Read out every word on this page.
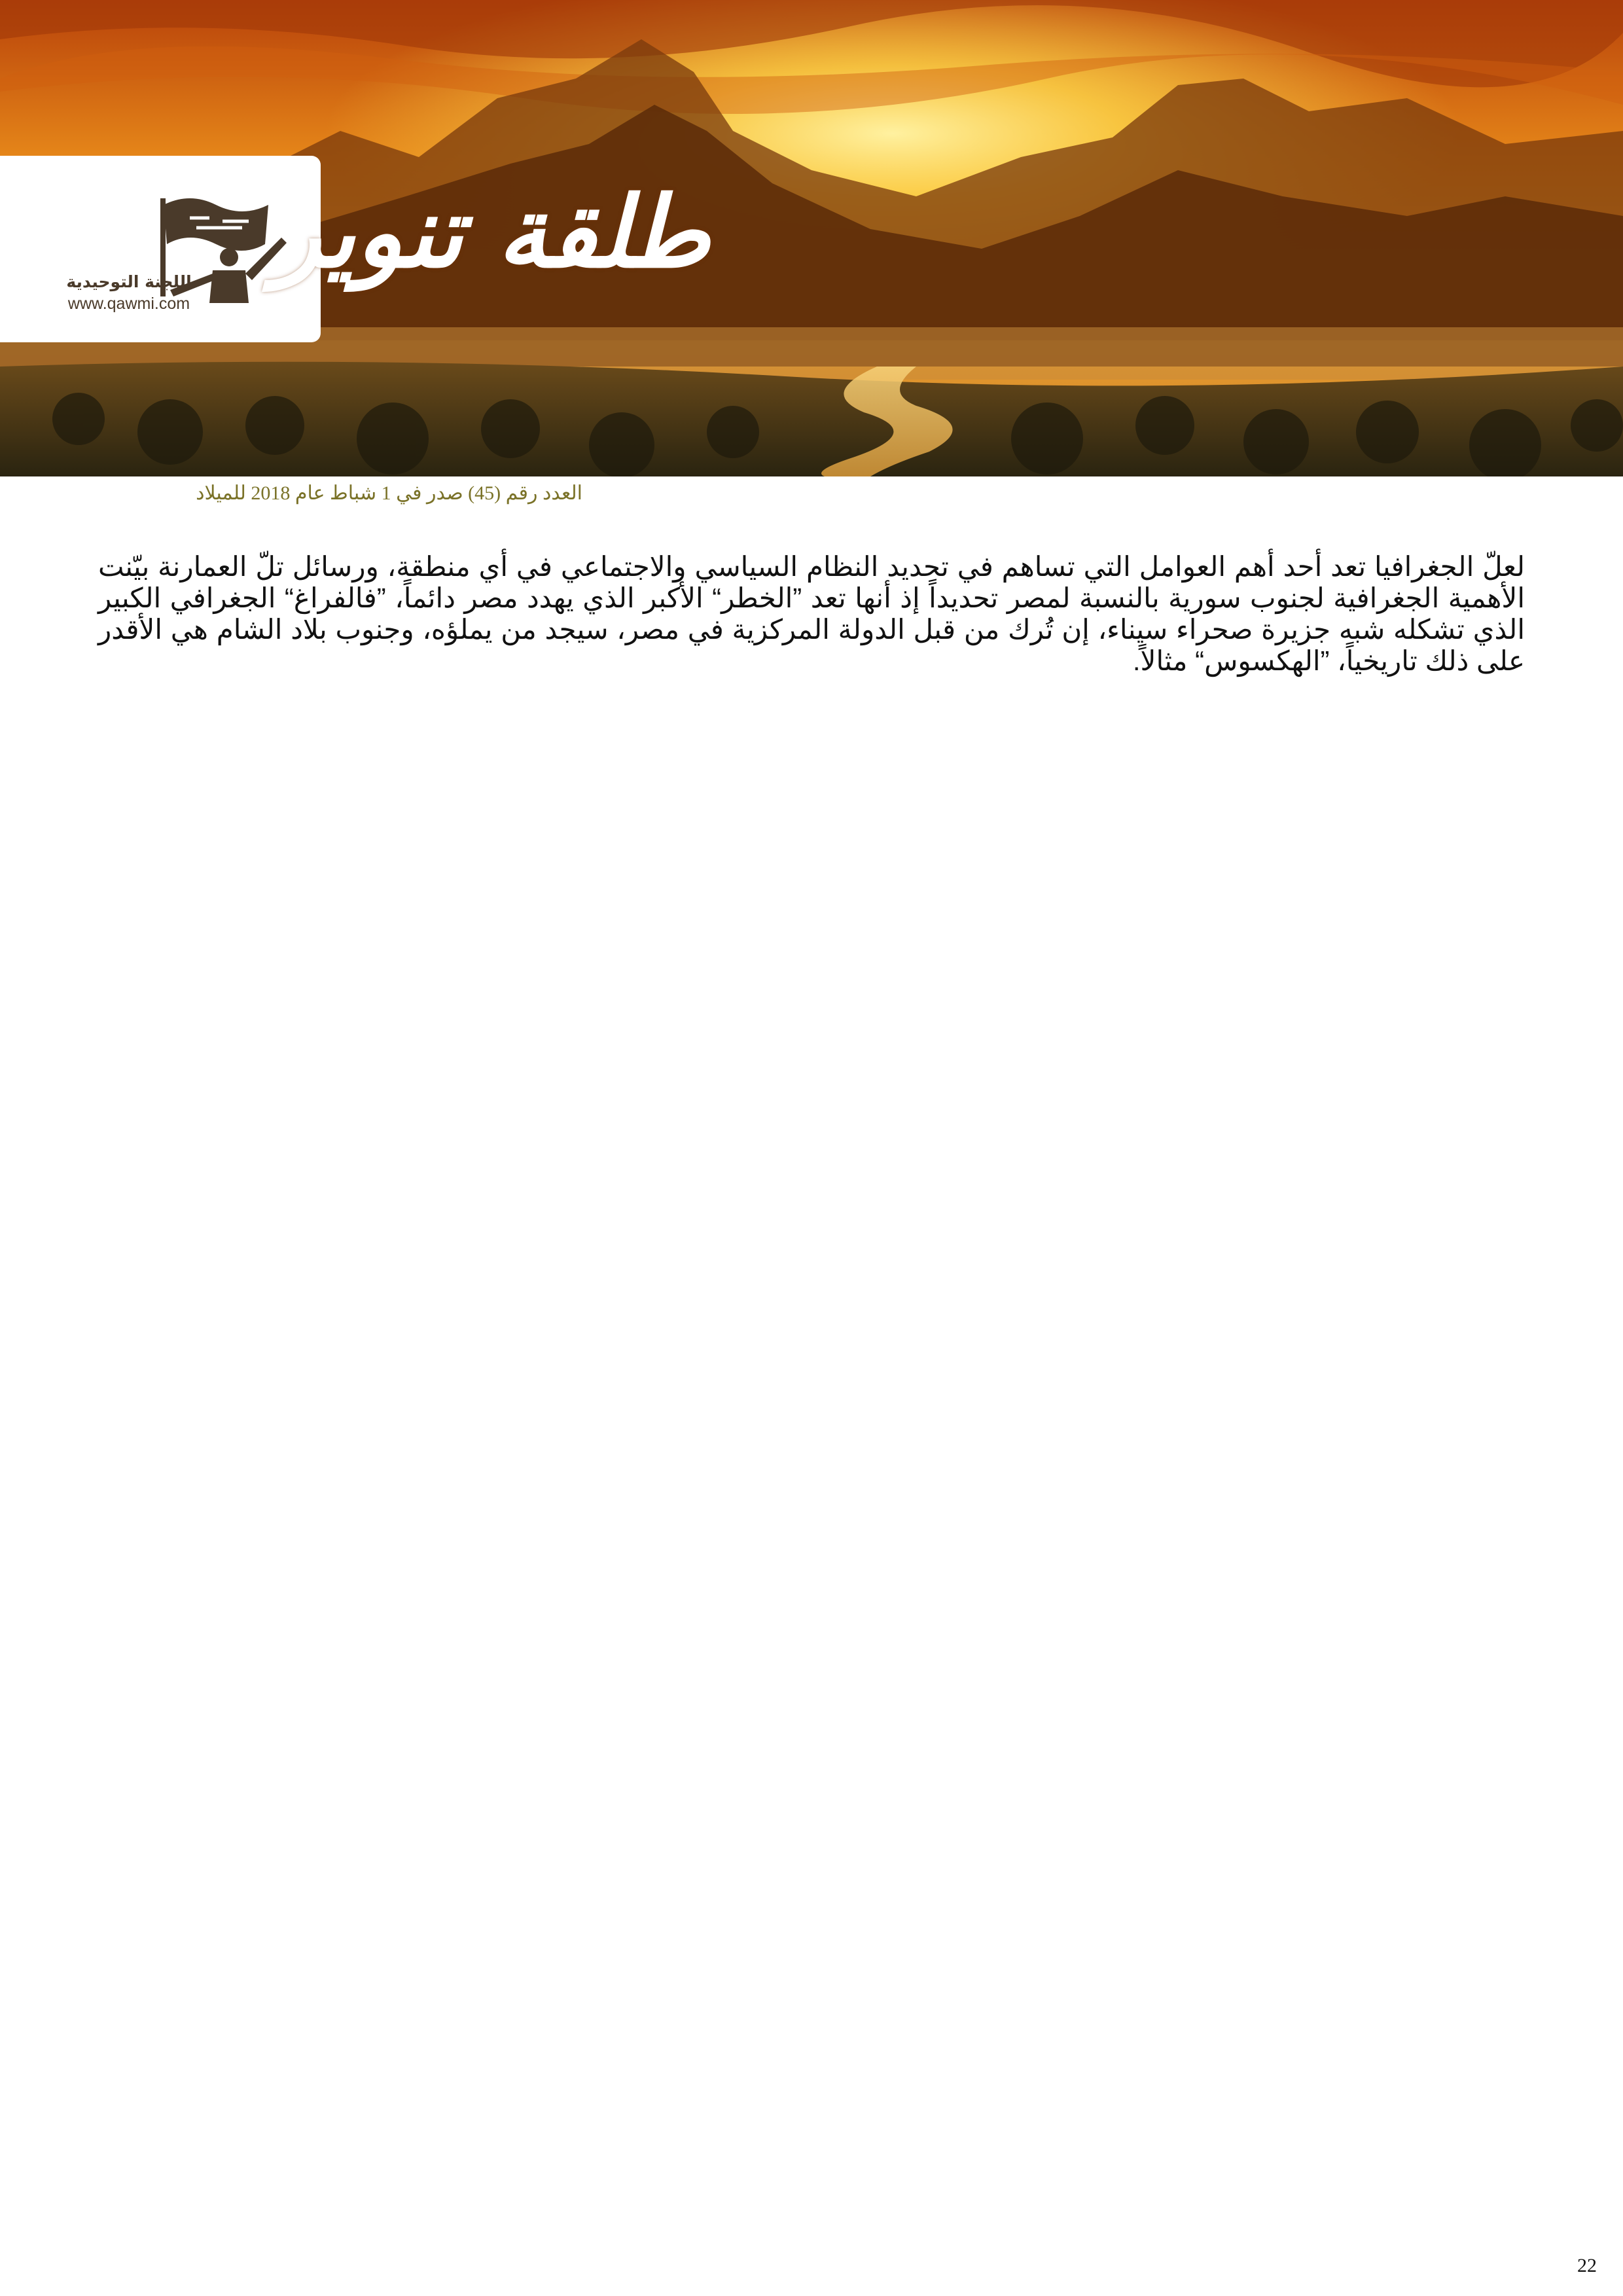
اللجنة التوحيدية
www.qawmi.com
طلقة تنوير
العدد رقم (45) صدر في 1 شباط عام 2018 للميلاد

لعلّ الجغرافيا تعد أحد أهم العوامل التي تساهم في تحديد النظام السياسي والاجتماعي في أي منطقة، ورسائل تلّ العمارنة بيّنت الأهمية الجغرافية لجنوب سورية بالنسبة لمصر تحديداً إذ أنها تعد ”الخطر“ الأكبر الذي يهدد مصر دائماً، ”فالفراغ“ الجغرافي الكبير الذي تشكله شبه جزيرة صحراء سيناء، إن تُرك من قبل الدولة المركزية في مصر، سيجد من يملؤه، وجنوب بلاد الشام هي الأقدر على ذلك تاريخياً، ”الهكسوس“ مثالاً.

22
